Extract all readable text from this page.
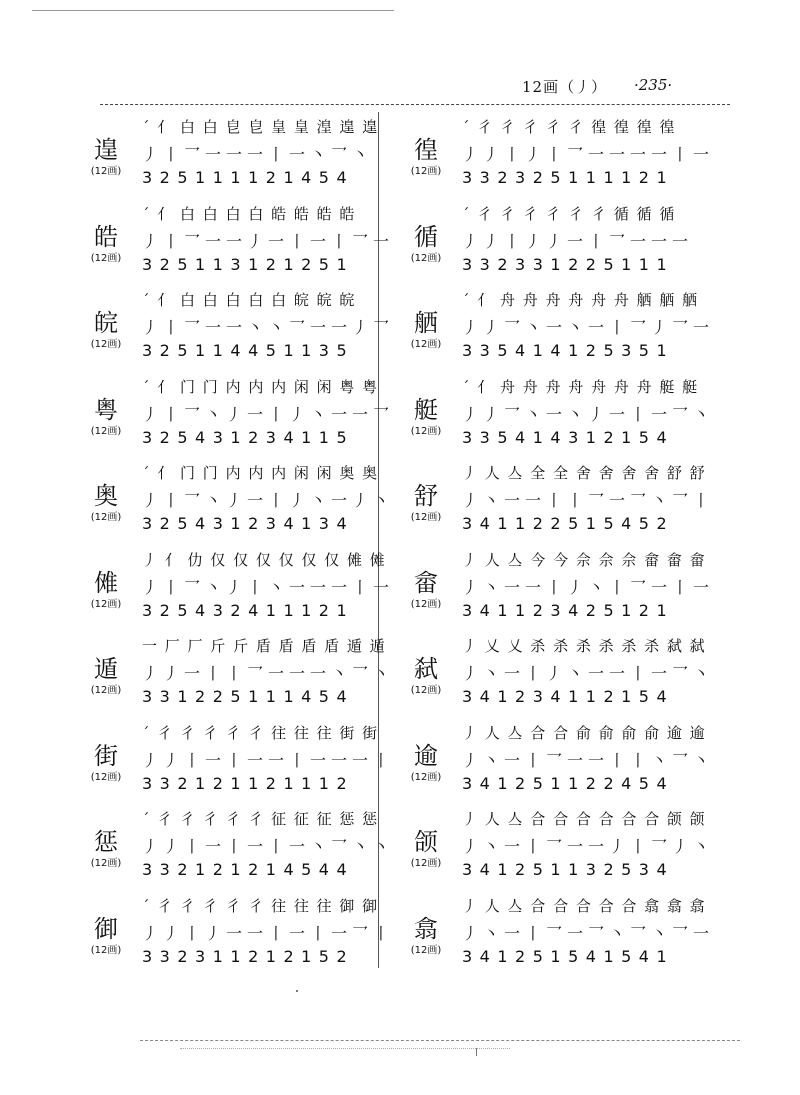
12画（丿） ·235·
遑
(12画)
ˊ 亻 白 白 皀 皀 皇 皇 湟 遑 遑
丿丨乛一一一丨一丶乛丶
325111121454
皓
(12画)
ˊ 亻 白 白 白 白 皓 皓 皓 皓
丿丨乛一一丿一丨一丨乛一
325113121251
皖
(12画)
ˊ 亻 白 白 白 白 白 皖 皖 皖
丿丨乛一一丶丶乛一一丿乛
325114451135
粤
(12画)
ˊ 亻 门 门 内 内 内 闲 闲 粤 粤
丿丨乛丶丿一丨丿丶一一乛
325431234115
奥
(12画)
ˊ 亻 门 门 内 内 内 闲 闲 奥 奥
丿丨乛丶丿一丨丿丶一丿丶
325431234134
傩
(12画)
丿 亻 仂 仅 仅 仅 仅 仅 仅 傩 傩
丿丨乛丶丿丨丶一一一丨一
325432411121
遁
(12画)
一 厂 厂 斤 斤 盾 盾 盾 盾 遁 遁
丿丿一丨丨乛一一一丶乛丶
331225111454
街
(12画)
ˊ 彳 彳 彳 彳 彳 往 往 往 街 街
丿丿丨一丨一一丨一一一丨
332121121112
惩
(12画)
ˊ 彳 彳 彳 彳 彳 征 征 征 惩 惩
丿丿丨一丨一丨一丶乛丶丶
332121214544
御
(12画)
ˊ 彳 彳 彳 彳 彳 往 往 往 御 御
丿丿丨丿一一丨一丨一乛丨
332311212152
徨
(12画)
ˊ 彳 彳 彳 彳 彳 徨 徨 徨 徨
丿丿丨丿丨乛一一一一丨一
332325111121
循
(12画)
ˊ 彳 彳 彳 彳 彳 彳 循 循 循
丿丿丨丿丿一丨乛一一一
332331225111
舾
(12画)
ˊ 亻 舟 舟 舟 舟 舟 舟 舾 舾 舾
丿丿乛丶一丶一丨乛丿乛一
335414125351
艇
(12画)
ˊ 亻 舟 舟 舟 舟 舟 舟 舟 艇 艇
丿丿乛丶一丶丿一丨一乛丶
335414312154
舒
(12画)
丿 人 亼 全 全 舍 舍 舍 舍 舒 舒
丿丶一一丨丨乛一乛丶乛丨
341122515452
畲
(12画)
丿 人 亼 今 今 佘 佘 佘 畲 畲 畲
丿丶一一丨丿丶丨乛一丨一
341123425121
弑
(12画)
丿 乂 乂 杀 杀 杀 杀 杀 杀 弑 弑
丿丶一丨丿丶一一丨一乛丶
341234112154
逾
(12画)
丿 人 亼 合 合 俞 俞 俞 俞 逾 逾
丿丶一丨乛一一丨丨丶乛丶
341251122454
颌
(12画)
丿 人 亼 合 合 合 合 合 合 颌 颌
丿丶一丨乛一一丿丨乛丿丶
341251132534
翕
(12画)
丿 人 亼 合 合 合 合 合 翕 翕 翕
丿丶一丨乛一乛丶乛丶乛一
341251541541
